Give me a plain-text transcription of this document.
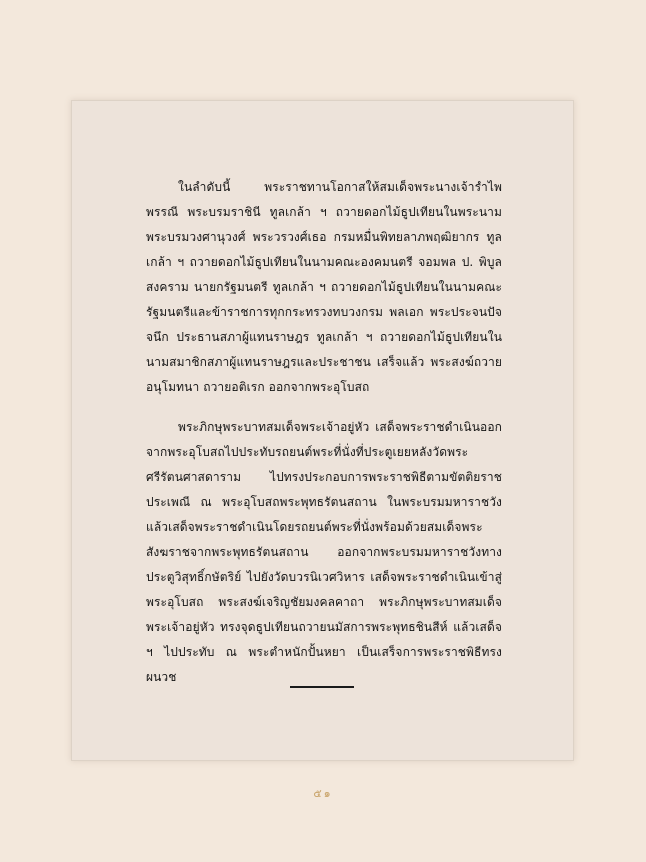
ในลำดับนี้ พระราชทานโอกาสให้สมเด็จพระนางเจ้ารำไพพรรณี พระบรมราชินี ทูลเกล้า ฯ ถวายดอกไม้ธูปเทียนในพระนามพระบรมวงศานุวงศ์ พระวรวงศ์เธอ กรมหมื่นพิทยลาภพฤฒิยากร ทูลเกล้า ฯ ถวายดอกไม้ธูปเทียนในนามคณะองคมนตรี จอมพล ป. พิบูลสงคราม นายกรัฐมนตรี ทูลเกล้า ฯ ถวายดอกไม้ธูปเทียนในนามคณะรัฐมนตรีและข้าราชการทุกกระทรวงทบวงกรม พลเอก พระประจนปัจจนึก ประธานสภาผู้แทนราษฎร ทูลเกล้า ฯ ถวายดอกไม้ธูปเทียนในนามสมาชิกสภาผู้แทนราษฎรและประชาชน เสร็จแล้ว พระสงฆ์ถวายอนุโมทนา ถวายอติเรก ออกจากพระอุโบสถ

พระภิกษุพระบาทสมเด็จพระเจ้าอยู่หัว เสด็จพระราชดำเนินออกจากพระอุโบสถไปประทับรถยนต์พระที่นั่งที่ประตูเยยหลังวัดพระศรีรัตนศาสดาราม ไปทรงประกอบการพระราชพิธีตามขัตติยราชประเพณี ณ พระอุโบสถพระพุทธรัตนสถาน ในพระบรมมหาราชวัง แล้วเสด็จพระราชดำเนินโดยรถยนต์พระที่นั่งพร้อมด้วยสมเด็จพระสังฆราชจากพระพุทธรัตนสถาน ออกจากพระบรมมหาราชวังทางประตูวิสุทธิ์กษัตริย์ ไปยังวัดบวรนิเวศวิหาร เสด็จพระราชดำเนินเข้าสู่พระอุโบสถ พระสงฆ์เจริญชัยมงคลคาถา พระภิกษุพระบาทสมเด็จพระเจ้าอยู่หัว ทรงจุดธูปเทียนถวายนมัสการพระพุทธชินสีห์ แล้วเสด็จ ฯ ไปประทับ ณ พระตำหนักปั้นหยา เป็นเสร็จการพระราชพิธีทรงผนวช

๕๑
